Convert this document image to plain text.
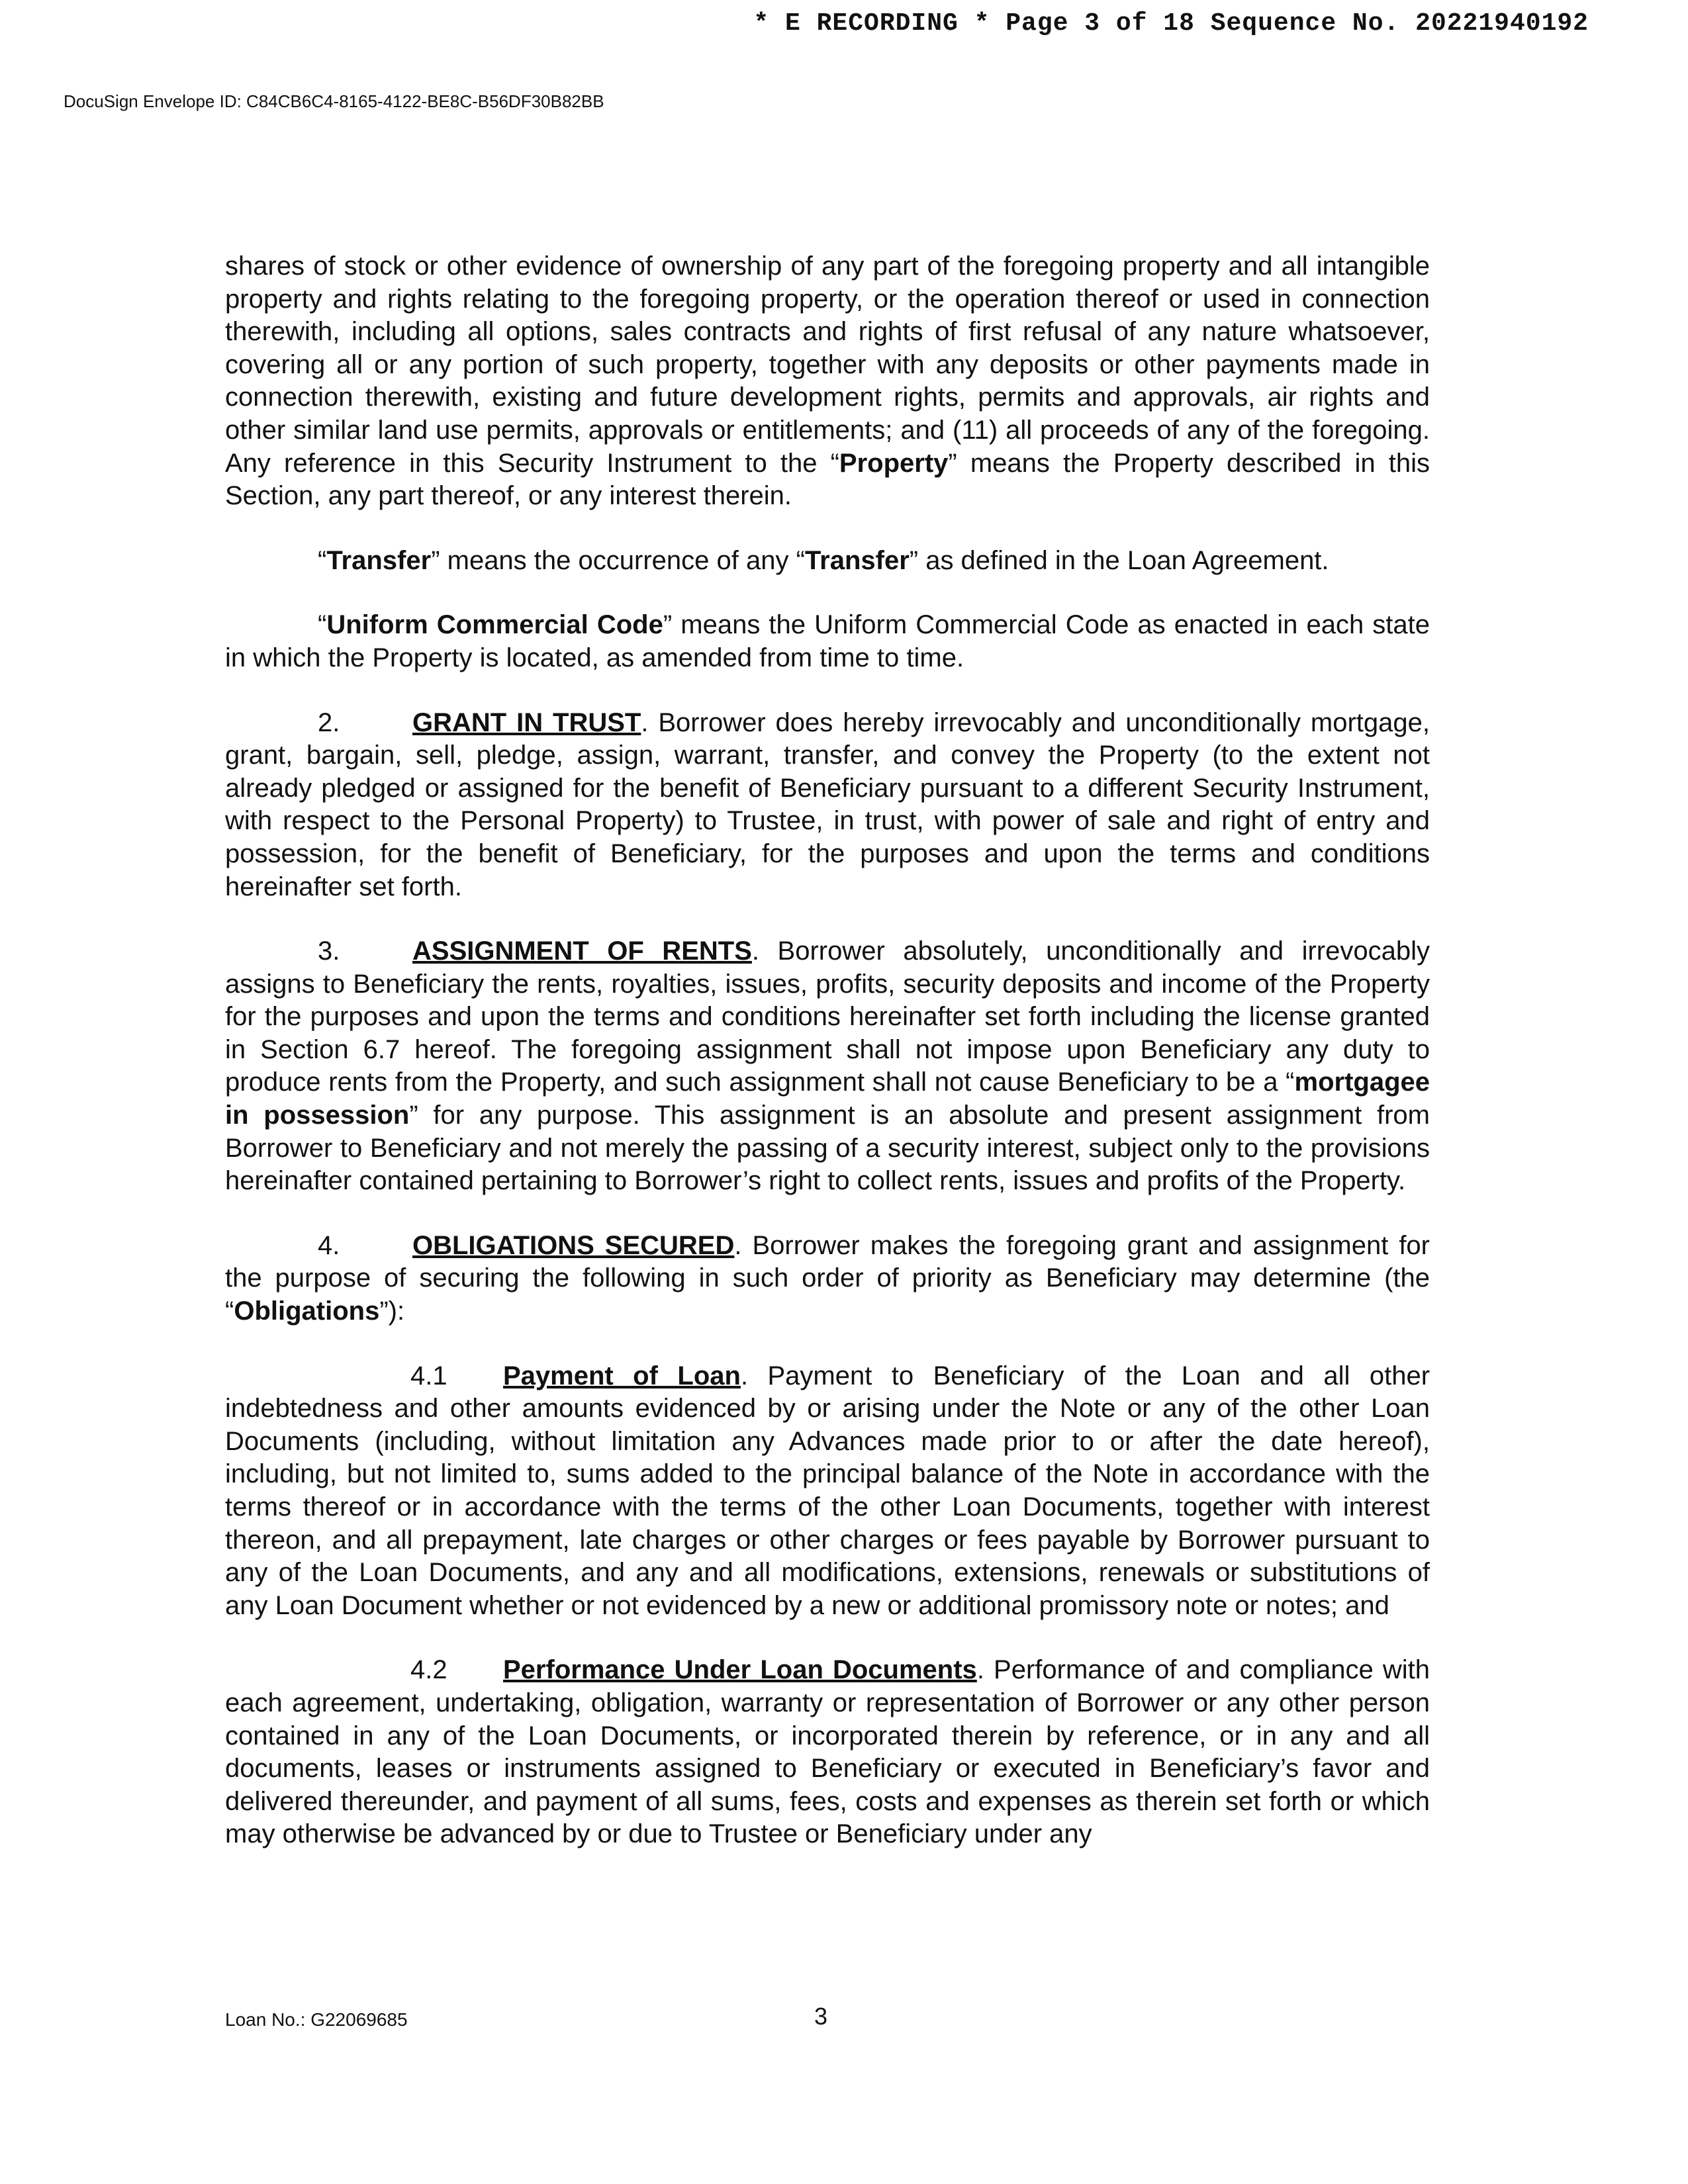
* E RECORDING * Page 3 of 18 Sequence No. 20221940192
DocuSign Envelope ID: C84CB6C4-8165-4122-BE8C-B56DF30B82BB

shares of stock or other evidence of ownership of any part of the foregoing property and all intangible property and rights relating to the foregoing property, or the operation thereof or used in connection therewith, including all options, sales contracts and rights of first refusal of any nature whatsoever, covering all or any portion of such property, together with any deposits or other payments made in connection therewith, existing and future development rights, permits and approvals, air rights and other similar land use permits, approvals or entitlements; and (11) all proceeds of any of the foregoing. Any reference in this Security Instrument to the “Property” means the Property described in this Section, any part thereof, or any interest therein.

“Transfer” means the occurrence of any “Transfer” as defined in the Loan Agreement.

“Uniform Commercial Code” means the Uniform Commercial Code as enacted in each state in which the Property is located, as amended from time to time.

2.	GRANT IN TRUST. Borrower does hereby irrevocably and unconditionally mortgage, grant, bargain, sell, pledge, assign, warrant, transfer, and convey the Property (to the extent not already pledged or assigned for the benefit of Beneficiary pursuant to a different Security Instrument, with respect to the Personal Property) to Trustee, in trust, with power of sale and right of entry and possession, for the benefit of Beneficiary, for the purposes and upon the terms and conditions hereinafter set forth.

3.	ASSIGNMENT OF RENTS. Borrower absolutely, unconditionally and irrevocably assigns to Beneficiary the rents, royalties, issues, profits, security deposits and income of the Property for the purposes and upon the terms and conditions hereinafter set forth including the license granted in Section 6.7 hereof. The foregoing assignment shall not impose upon Beneficiary any duty to produce rents from the Property, and such assignment shall not cause Beneficiary to be a “mortgagee in possession” for any purpose. This assignment is an absolute and present assignment from Borrower to Beneficiary and not merely the passing of a security interest, subject only to the provisions hereinafter contained pertaining to Borrower’s right to collect rents, issues and profits of the Property.

4.	OBLIGATIONS SECURED. Borrower makes the foregoing grant and assignment for the purpose of securing the following in such order of priority as Beneficiary may determine (the “Obligations”):

4.1 Payment of Loan. Payment to Beneficiary of the Loan and all other indebtedness and other amounts evidenced by or arising under the Note or any of the other Loan Documents (including, without limitation any Advances made prior to or after the date hereof), including, but not limited to, sums added to the principal balance of the Note in accordance with the terms thereof or in accordance with the terms of the other Loan Documents, together with interest thereon, and all prepayment, late charges or other charges or fees payable by Borrower pursuant to any of the Loan Documents, and any and all modifications, extensions, renewals or substitutions of any Loan Document whether or not evidenced by a new or additional promissory note or notes; and

4.2 Performance Under Loan Documents. Performance of and compliance with each agreement, undertaking, obligation, warranty or representation of Borrower or any other person contained in any of the Loan Documents, or incorporated therein by reference, or in any and all documents, leases or instruments assigned to Beneficiary or executed in Beneficiary’s favor and delivered thereunder, and payment of all sums, fees, costs and expenses as therein set forth or which may otherwise be advanced by or due to Trustee or Beneficiary under any

Loan No.: G22069685	3
